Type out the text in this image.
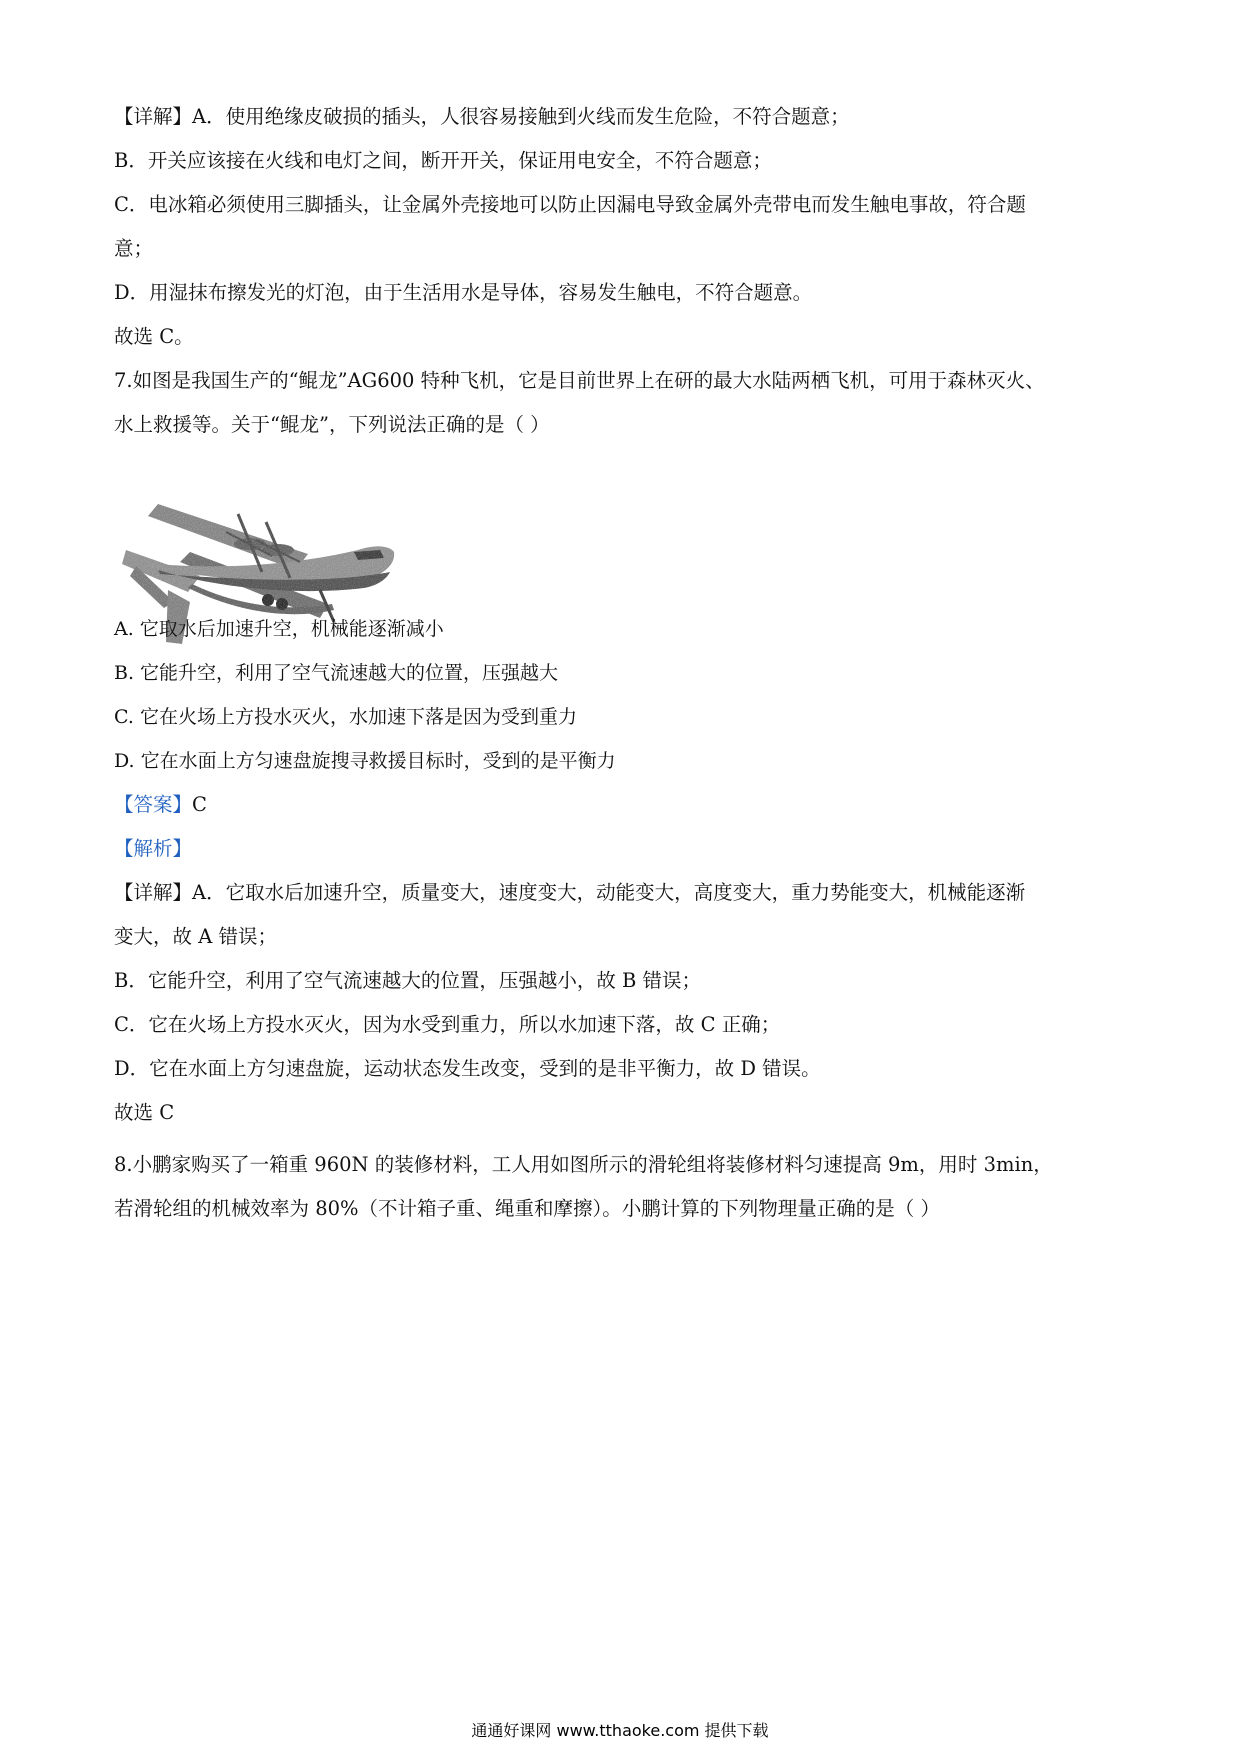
【详解】A．使用绝缘皮破损的插头，人很容易接触到火线而发生危险，不符合题意；
B．开关应该接在火线和电灯之间，断开开关，保证用电安全，不符合题意；
C．电冰箱必须使用三脚插头，让金属外壳接地可以防止因漏电导致金属外壳带电而发生触电事故，符合题
意；
D．用湿抹布擦发光的灯泡，由于生活用水是导体，容易发生触电，不符合题意。
故选 C。
7.如图是我国生产的“鲲龙”AG600 特种飞机，它是目前世界上在研的最大水陆两栖飞机，可用于森林灭火、
水上救援等。关于“鲲龙”，下列说法正确的是（ ）
A. 它取水后加速升空，机械能逐渐减小
B. 它能升空，利用了空气流速越大的位置，压强越大
C. 它在火场上方投水灭火，水加速下落是因为受到重力
D. 它在水面上方匀速盘旋搜寻救援目标时，受到的是平衡力
【答案】C
【解析】
【详解】A．它取水后加速升空，质量变大，速度变大，动能变大，高度变大，重力势能变大，机械能逐渐
变大，故 A 错误；
B．它能升空，利用了空气流速越大的位置，压强越小，故 B 错误；
C．它在火场上方投水灭火，因为水受到重力，所以水加速下落，故 C 正确；
D．它在水面上方匀速盘旋，运动状态发生改变，受到的是非平衡力，故 D 错误。
故选 C
8.小鹏家购买了一箱重 960N 的装修材料，工人用如图所示的滑轮组将装修材料匀速提高 9m，用时 3min，
若滑轮组的机械效率为 80%（不计箱子重、绳重和摩擦）。小鹏计算的下列物理量正确的是（ ）
通通好课网 www.tthaoke.com 提供下载
